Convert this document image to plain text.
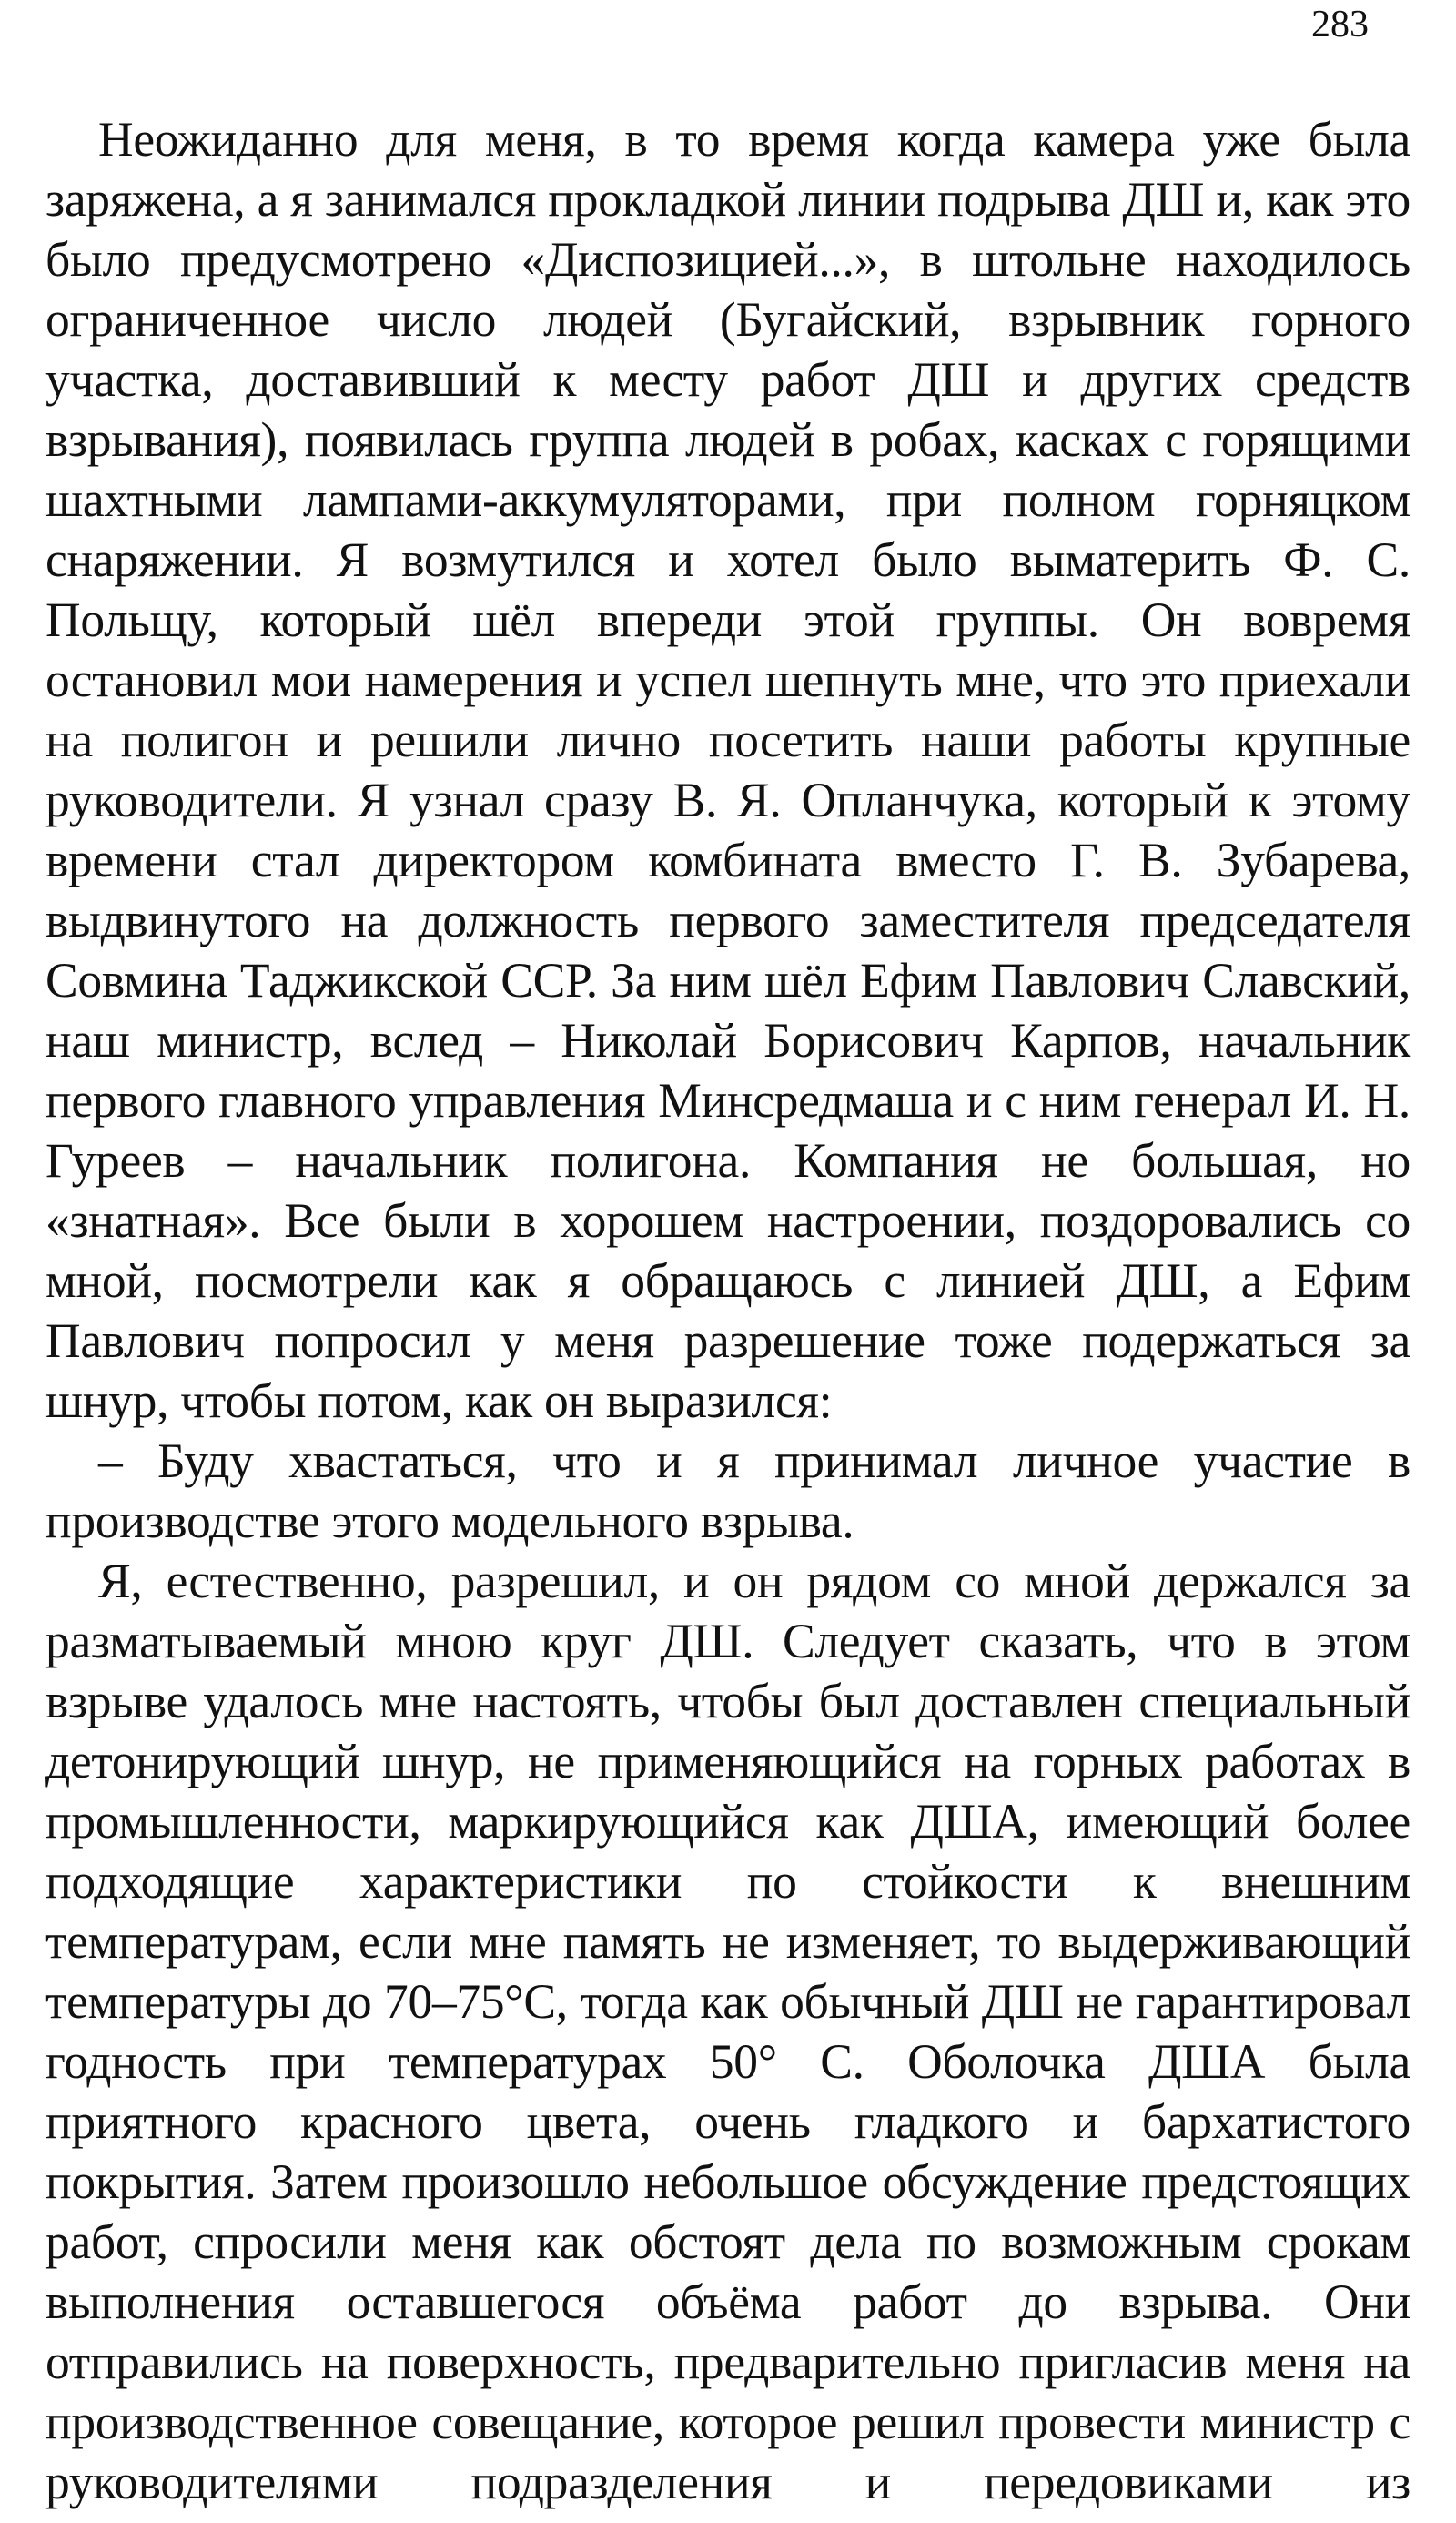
283

Неожиданно для меня, в то время когда камера уже была заряжена, а я занимался прокладкой линии подрыва ДШ и, как это было предусмотрено «Диспозицией...», в штольне находилось ограниченное число людей (Бугайский, взрывник горного участка, доставивший к месту работ ДШ и других средств взрывания), появилась группа людей в робах, касках с горящими шахтными лампами-аккумуляторами, при полном горняцком снаряжении. Я возмутился и хотел было выматерить Ф. С. Польщу, который шёл впереди этой группы. Он вовремя остановил мои намерения и успел шепнуть мне, что это приехали на полигон и решили лично посетить наши работы крупные руководители. Я узнал сразу В. Я. Опланчука, который к этому времени стал директором комбината вместо Г. В. Зубарева, выдвинутого на должность первого заместителя председателя Совмина Таджикской ССР. За ним шёл Ефим Павлович Славский, наш министр, вслед – Николай Борисович Карпов, начальник первого главного управления Минсредмаша и с ним генерал И. Н. Гуреев – начальник полигона. Компания не большая, но «знатная». Все были в хорошем настроении, поздоровались со мной, посмотрели как я обращаюсь с линией ДШ, а Ефим Павлович попросил у меня разрешение тоже подержаться за шнур, чтобы потом, как он выразился:

– Буду хвастаться, что и я принимал личное участие в производстве этого модельного взрыва.

Я, естественно, разрешил, и он рядом со мной держался за разматываемый мною круг ДШ. Следует сказать, что в этом взрыве удалось мне настоять, чтобы был доставлен специальный детонирующий шнур, не применяющийся на горных работах в промышленности, маркирующийся как ДША, имеющий более подходящие характеристики по стойкости к внешним температурам, если мне память не изменяет, то выдерживающий температуры до 70–75°С, тогда как обычный ДШ не гарантировал годность при температурах 50° С. Оболочка ДША была приятного красного цвета, очень гладкого и бархатистого покрытия. Затем произошло небольшое обсуждение предстоящих работ, спросили меня как обстоят дела по возможным срокам выполнения оставшегося объёма работ до взрыва. Они отправились на поверхность, предварительно пригласив меня на производственное совещание, которое решил провести министр с руководителями подразделения и передовиками из
